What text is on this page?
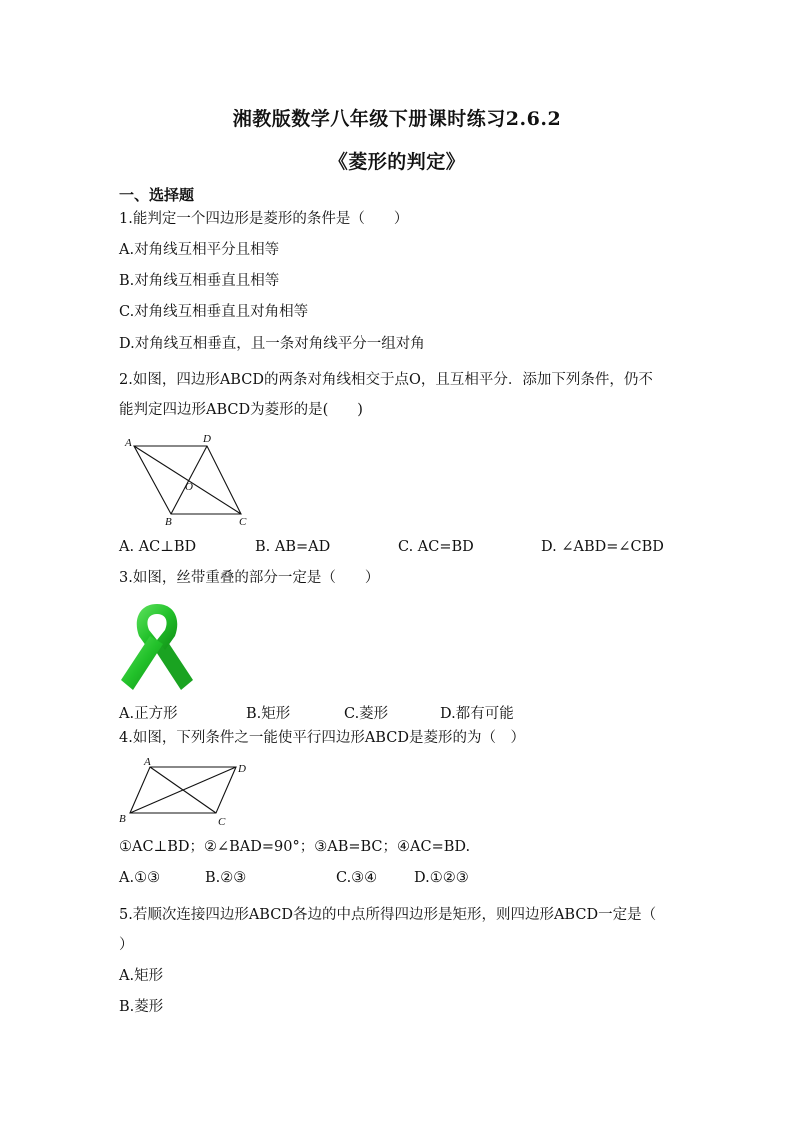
湘教版数学八年级下册课时练习2.6.2
《菱形的判定》
一、选择题
1.能判定一个四边形是菱形的条件是（　　）
A.对角线互相平分且相等
B.对角线互相垂直且相等
C.对角线互相垂直且对角相等
D.对角线互相垂直，且一条对角线平分一组对角
2.如图，四边形ABCD的两条对角线相交于点O，且互相平分．添加下列条件，仍不
能判定四边形ABCD为菱形的是(　　)
A	D
O
B	C
A. AC⊥BD	B. AB=AD	C. AC=BD	D. ∠ABD=∠CBD
3.如图，丝带重叠的部分一定是（　　）
A.正方形	B.矩形	C.菱形	D.都有可能
4.如图，下列条件之一能使平行四边形ABCD是菱形的为（　）
A
D
B	C
①AC⊥BD；②∠BAD=90°；③AB=BC；④AC=BD.
A.①③	B.②③	C.③④	D.①②③
5.若顺次连接四边形ABCD各边的中点所得四边形是矩形，则四边形ABCD一定是（
）
A.矩形
B.菱形
